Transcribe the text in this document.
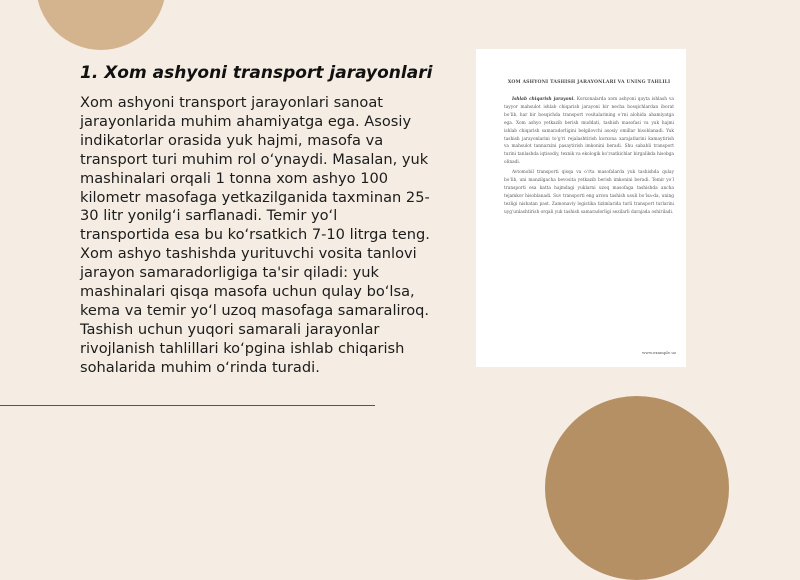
1. Xom ashyoni transport jarayonlari

Xom ashyoni transport jarayonlari sanoat jarayonlarida muhim ahamiyatga ega. Asosiy indikatorlar orasida yuk hajmi, masofa va transport turi muhim rol o‘ynaydi. Masalan, yuk mashinalari orqali 1 tonna xom ashyo 100 kilometr masofaga yetkazilganida taxminan 25-30 litr yonilg‘i sarflanadi. Temir yo‘l transportida esa bu ko‘rsatkich 7-10 litrga teng. Xom ashyo tashishda yurituvchi vosita tanlovi jarayon samaradorligiga ta'sir qiladi: yuk mashinalari qisqa masofa uchun qulay bo‘lsa, kema va temir yo‘l uzoq masofaga samaraliroq. Tashish uchun yuqori samarali jarayonlar rivojlanish tahlillari ko‘pgina ishlab chiqarish sohalarida muhim o‘rinda turadi.

XOM ASHYONI TASHISH JARAYONLARI VA UNING TAHLILI

Ishlab chiqarish jarayoni. Korxonalarda xom ashyoni qayta ishlash va tayyor mahsulot ishlab chiqarish jarayoni bir necha bosqichlardan iborat bo‘lib, har bir bosqichda transport vositalarining o‘rni alohida ahamiyatga ega. Xom ashyo yetkazib berish muddati, tashish masofasi va yuk hajmi ishlab chiqarish samaradorligini belgilovchi asosiy omillar hisoblanadi. Yuk tashish jarayonlarini to‘g‘ri rejalashtirish korxona xarajatlarini kamaytirish va mahsulot tannarxini pasaytirish imkonini beradi. Shu sababli transport turini tanlashda iqtisodiy, texnik va ekologik ko‘rsatkichlar birgalikda hisobga olinadi.

Avtomobil transporti qisqa va o‘rta masofalarda yuk tashishda qulay bo‘lib, uni manzilgacha bevosita yetkazib berish imkonini beradi. Temir yo‘l transporti esa katta hajmdagi yuklarni uzoq masofaga tashishda ancha tejamkor hisoblanadi. Suv transporti eng arzon tashish usuli bo‘lsa-da, uning tezligi nisbatan past. Zamonaviy logistika tizimlarida turli transport turlarini uyg‘unlashtirish orqali yuk tashish samaradorligi sezilarli darajada oshiriladi.

www.example.uz
